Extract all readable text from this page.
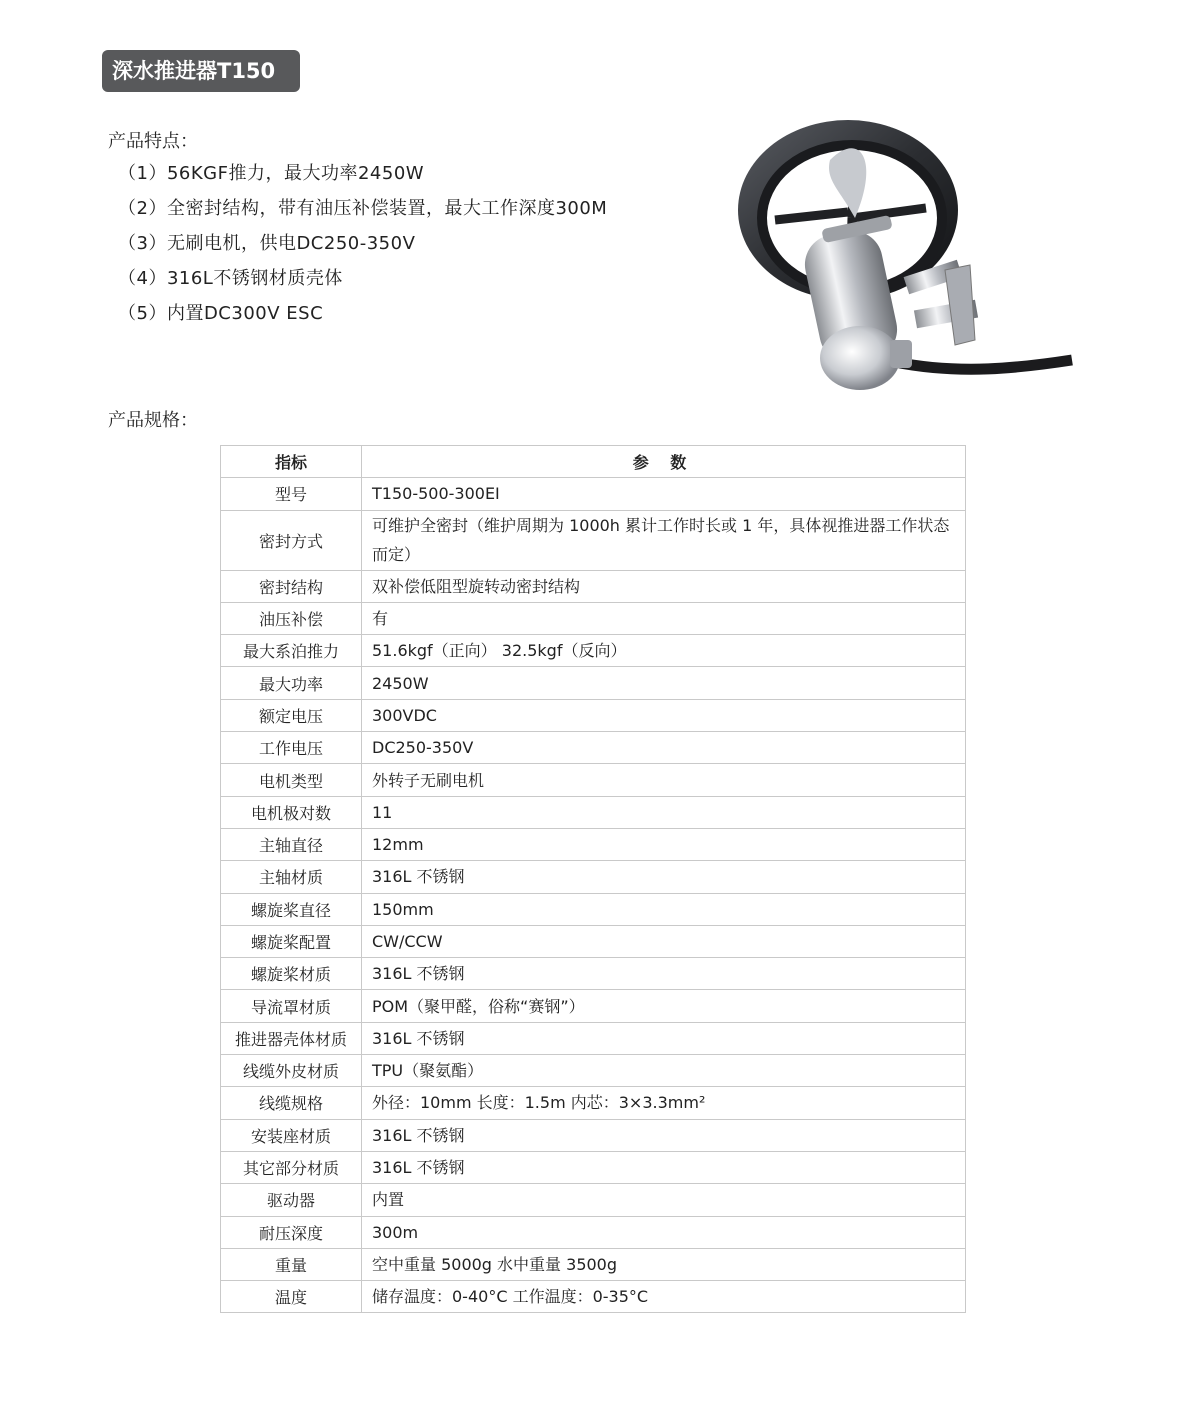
深水推进器T150
产品特点：
（1）56KGF推力，最大功率2450W
（2）全密封结构，带有油压补偿装置，最大工作深度300M
（3）无刷电机，供电DC250-350V
（4）316L不锈钢材质壳体
（5）内置DC300V ESC
产品规格：
指标	参 数
型号	T150-500-300EI
密封方式	可维护全密封（维护周期为 1000h 累计工作时长或 1 年，具体视推进器工作状态而定）
密封结构	双补偿低阻型旋转动密封结构
油压补偿	有
最大系泊推力	51.6kgf（正向） 32.5kgf（反向）
最大功率	2450W
额定电压	300VDC
工作电压	DC250-350V
电机类型	外转子无刷电机
电机极对数	11
主轴直径	12mm
主轴材质	316L 不锈钢
螺旋桨直径	150mm
螺旋桨配置	CW/CCW
螺旋桨材质	316L 不锈钢
导流罩材质	POM（聚甲醛，俗称“赛钢”）
推进器壳体材质	316L 不锈钢
线缆外皮材质	TPU（聚氨酯）
线缆规格	外径：10mm 长度：1.5m 内芯：3×3.3mm²
安装座材质	316L 不锈钢
其它部分材质	316L 不锈钢
驱动器	内置
耐压深度	300m
重量	空中重量 5000g 水中重量 3500g
温度	储存温度：0-40°C 工作温度：0-35°C
